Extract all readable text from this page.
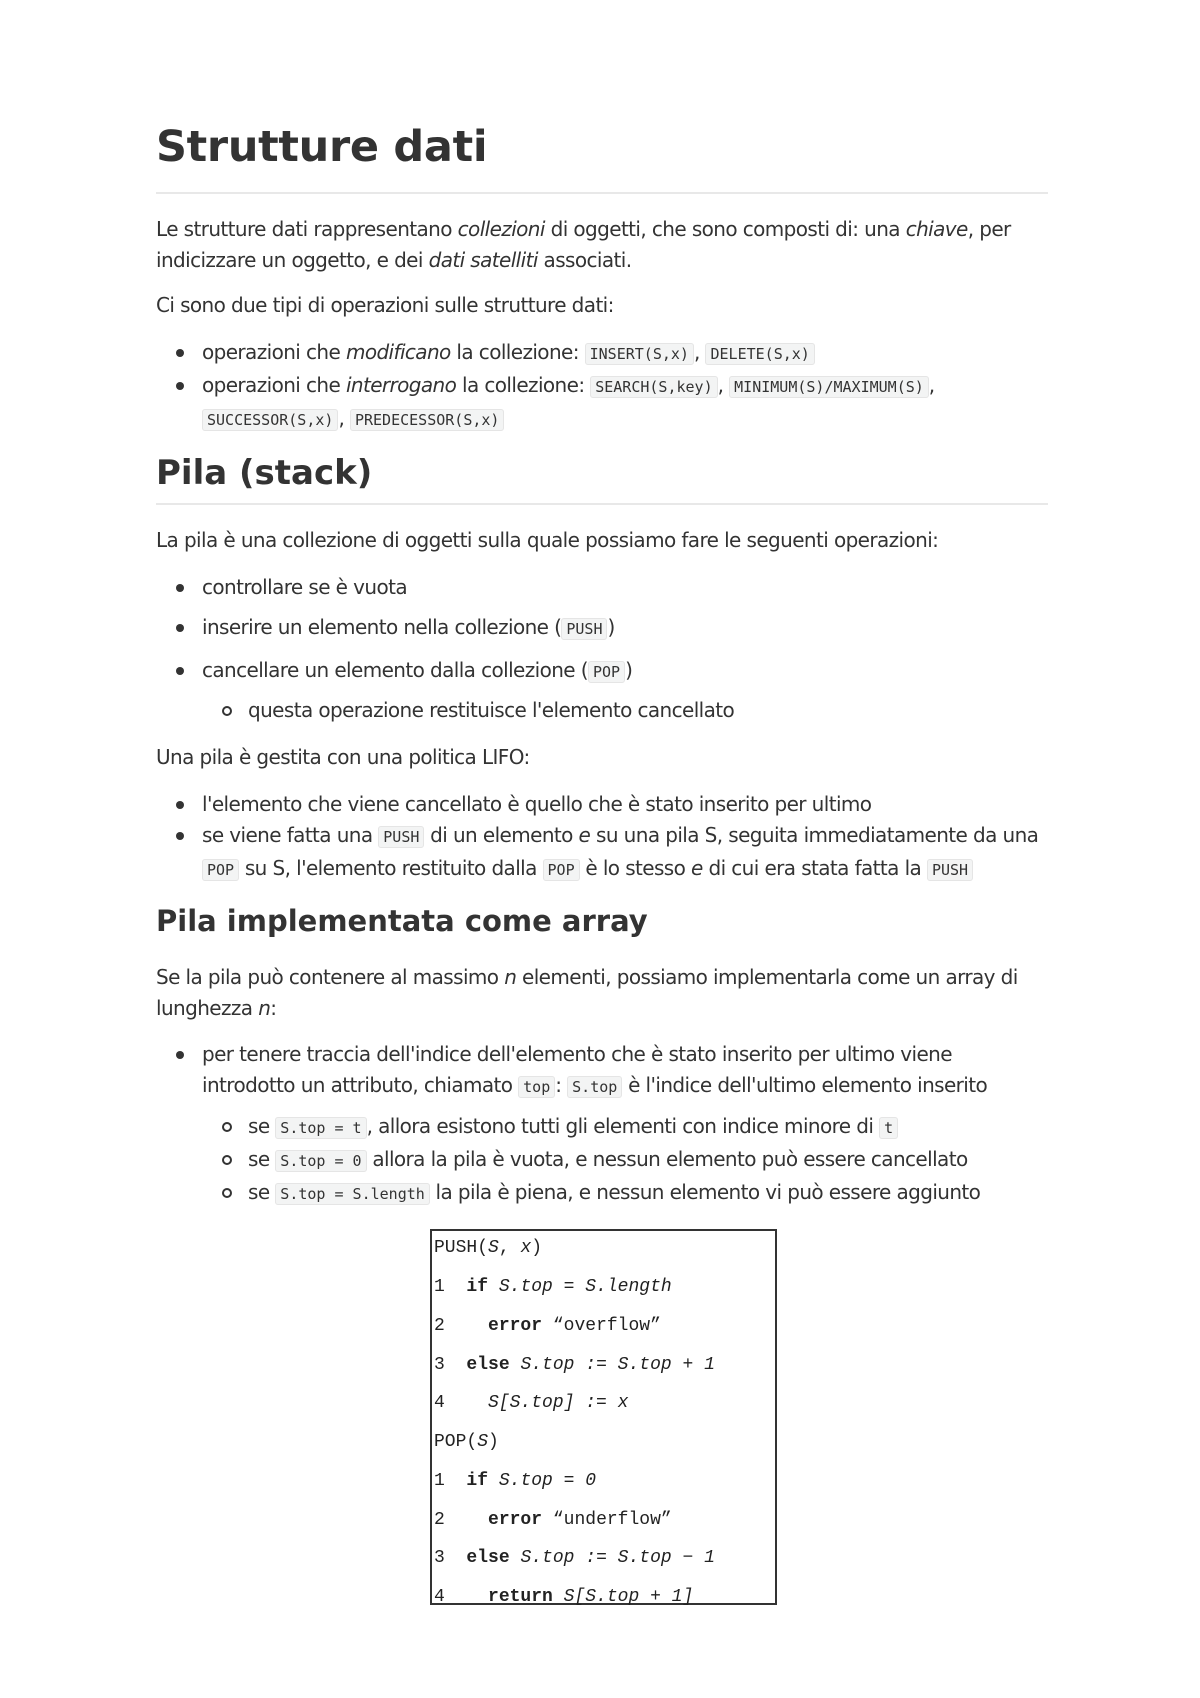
Strutture dati

Le strutture dati rappresentano collezioni di oggetti, che sono composti di: una chiave, per indicizzare un oggetto, e dei dati satelliti associati.

Ci sono due tipi di operazioni sulle strutture dati:

operazioni che modificano la collezione: INSERT(S,x) , DELETE(S,x)
operazioni che interrogano la collezione: SEARCH(S,key) , MINIMUM(S)/MAXIMUM(S) , SUCCESSOR(S,x) , PREDECESSOR(S,x)
Pila (stack)

La pila è una collezione di oggetti sulla quale possiamo fare le seguenti operazioni:

controllare se è vuota
inserire un elemento nella collezione ( PUSH )
cancellare un elemento dalla collezione ( POP )
questa operazione restituisce l'elemento cancellato

Una pila è gestita con una politica LIFO:

l'elemento che viene cancellato è quello che è stato inserito per ultimo
se viene fatta una PUSH di un elemento e su una pila S, seguita immediatamente da una POP su S, l'elemento restituito dalla POP è lo stesso e di cui era stata fatta la PUSH
Pila implementata come array

Se la pila può contenere al massimo n elementi, possiamo implementarla come un array di lunghezza n:

per tenere traccia dell'indice dell'elemento che è stato inserito per ultimo viene introdotto un attributo, chiamato top : S.top è l'indice dell'ultimo elemento inserito
se S.top = t , allora esistono tutti gli elementi con indice minore di t
se S.top = 0 allora la pila è vuota, e nessun elemento può essere cancellato
se S.top = S.length la pila è piena, e nessun elemento vi può essere aggiunto
PUSH(S, x)
1 if S.top = S.length
2 error “overflow”
3 else S.top := S.top + 1
4 S[S.top] := x
POP(S)
1 if S.top = 0
2 error “underflow”
3 else S.top := S.top − 1
4 return S[S.top + 1]
